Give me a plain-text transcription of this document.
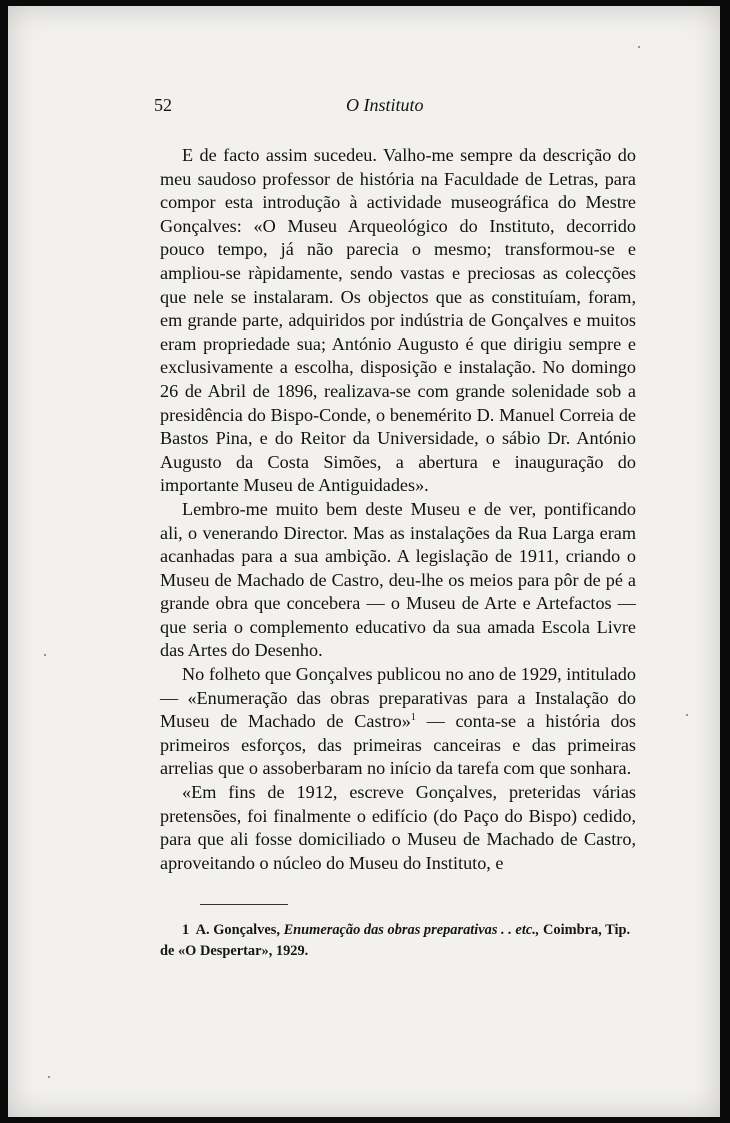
52	O Instituto

E de facto assim sucedeu. Valho-me sempre da descrição do meu saudoso professor de história na Faculdade de Letras, para compor esta introdução à actividade museográfica do Mestre Gonçalves: «O Museu Arqueológico do Instituto, decorrido pouco tempo, já não parecia o mesmo; transformou-se e ampliou-se ràpidamente, sendo vastas e preciosas as colecções que nele se instalaram. Os objectos que as constituíam, foram, em grande parte, adquiridos por indústria de Gonçalves e muitos eram propriedade sua; António Augusto é que dirigiu sempre e exclusivamente a escolha, disposição e instalação. No domingo 26 de Abril de 1896, realizava-se com grande solenidade sob a presidência do Bispo-Conde, o benemérito D. Manuel Correia de Bastos Pina, e do Reitor da Universidade, o sábio Dr. António Augusto da Costa Simões, a abertura e inauguração do importante Museu de Antiguidades».

Lembro-me muito bem deste Museu e de ver, pontificando ali, o venerando Director. Mas as instalações da Rua Larga eram acanhadas para a sua ambição. A legislação de 1911, criando o Museu de Machado de Castro, deu-lhe os meios para pôr de pé a grande obra que concebera — o Museu de Arte e Artefactos — que seria o complemento educativo da sua amada Escola Livre das Artes do Desenho.

No folheto que Gonçalves publicou no ano de 1929, intitulado — «Enumeração das obras preparativas para a Instalação do Museu de Machado de Castro»$^1$ — conta-se a história dos primeiros esforços, das primeiras canceiras e das primeiras arrelias que o assoberbaram no início da tarefa com que sonhara.

«Em fins de 1912, escreve Gonçalves, preteridas várias pretensões, foi finalmente o edifício (do Paço do Bispo) cedido, para que ali fosse domiciliado o Museu de Machado de Castro, aproveitando o núcleo do Museu do Instituto, e

1 A. Gonçalves, Enumeração das obras preparativas . . etc., Coimbra, Tip. de «O Despertar», 1929.
